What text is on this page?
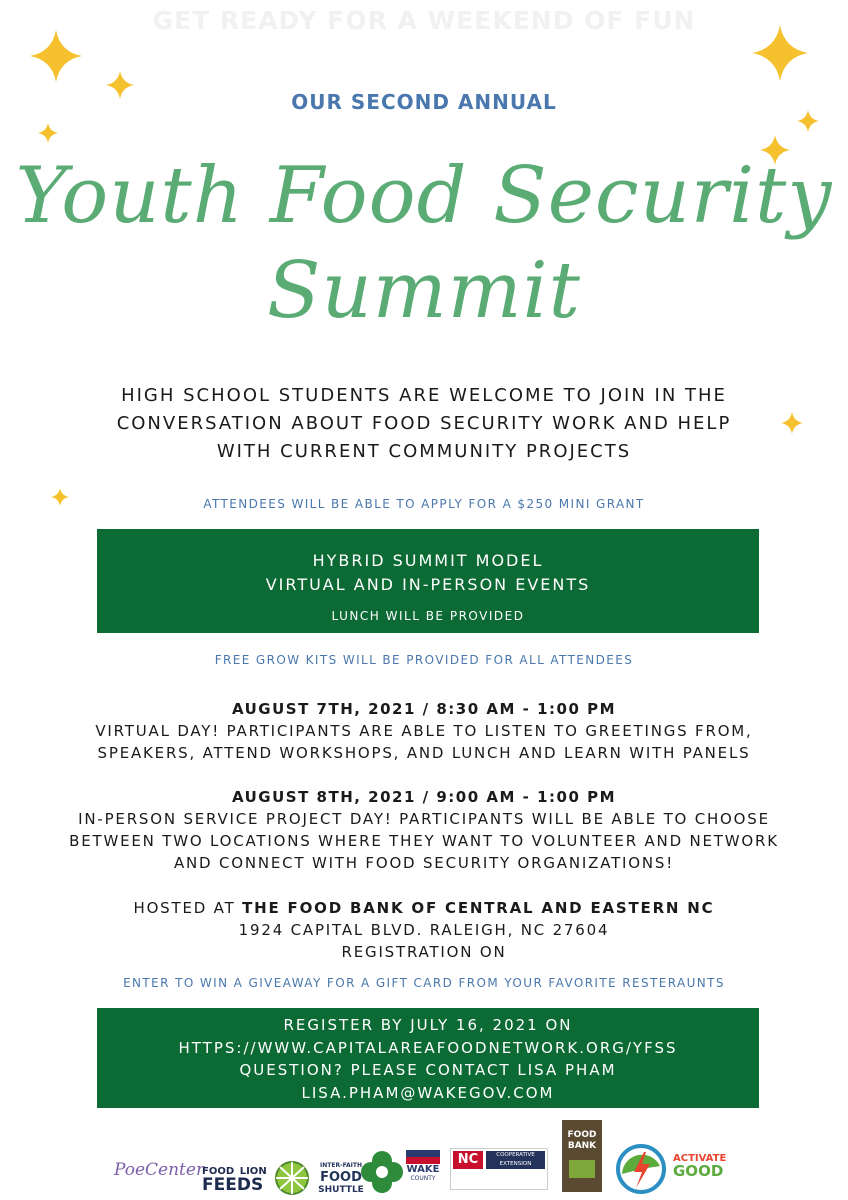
GET READY FOR A WEEKEND OF FUN
OUR SECOND ANNUAL
Youth Food Security
Summit
HIGH SCHOOL STUDENTS ARE WELCOME TO JOIN IN THE
CONVERSATION ABOUT FOOD SECURITY WORK AND HELP
WITH CURRENT COMMUNITY PROJECTS
ATTENDEES WILL BE ABLE TO APPLY FOR A $250 MINI GRANT
HYBRID SUMMIT MODEL
VIRTUAL AND IN-PERSON EVENTS
LUNCH WILL BE PROVIDED
FREE GROW KITS WILL BE PROVIDED FOR ALL ATTENDEES
AUGUST 7TH, 2021 / 8:30 AM - 1:00 PM
VIRTUAL DAY! PARTICIPANTS ARE ABLE TO LISTEN TO GREETINGS FROM,
SPEAKERS, ATTEND WORKSHOPS, AND LUNCH AND LEARN WITH PANELS
AUGUST 8TH, 2021 / 9:00 AM - 1:00 PM
IN-PERSON SERVICE PROJECT DAY! PARTICIPANTS WILL BE ABLE TO CHOOSE
BETWEEN TWO LOCATIONS WHERE THEY WANT TO VOLUNTEER AND NETWORK
AND CONNECT WITH FOOD SECURITY ORGANIZATIONS!
HOSTED AT THE FOOD BANK OF CENTRAL AND EASTERN NC
1924 CAPITAL BLVD. RALEIGH, NC 27604
REGISTRATION ON
ENTER TO WIN A GIVEAWAY FOR A GIFT CARD FROM YOUR FAVORITE RESTERAUNTS
REGISTER BY JULY 16, 2021 ON
HTTPS://WWW.CAPITALAREAFOODNETWORK.ORG/YFSS
QUESTION? PLEASE CONTACT LISA PHAM
LISA.PHAM@WAKEGOV.COM
PoeCenter
FOOD LION
FEEDS
INTER-FAITH
FOOD
SHUTTLE
WAKE
COUNTY
NC	COOPERATIVE
EXTENSION
FOOD
BANK
ACTIVATE
GOOD
